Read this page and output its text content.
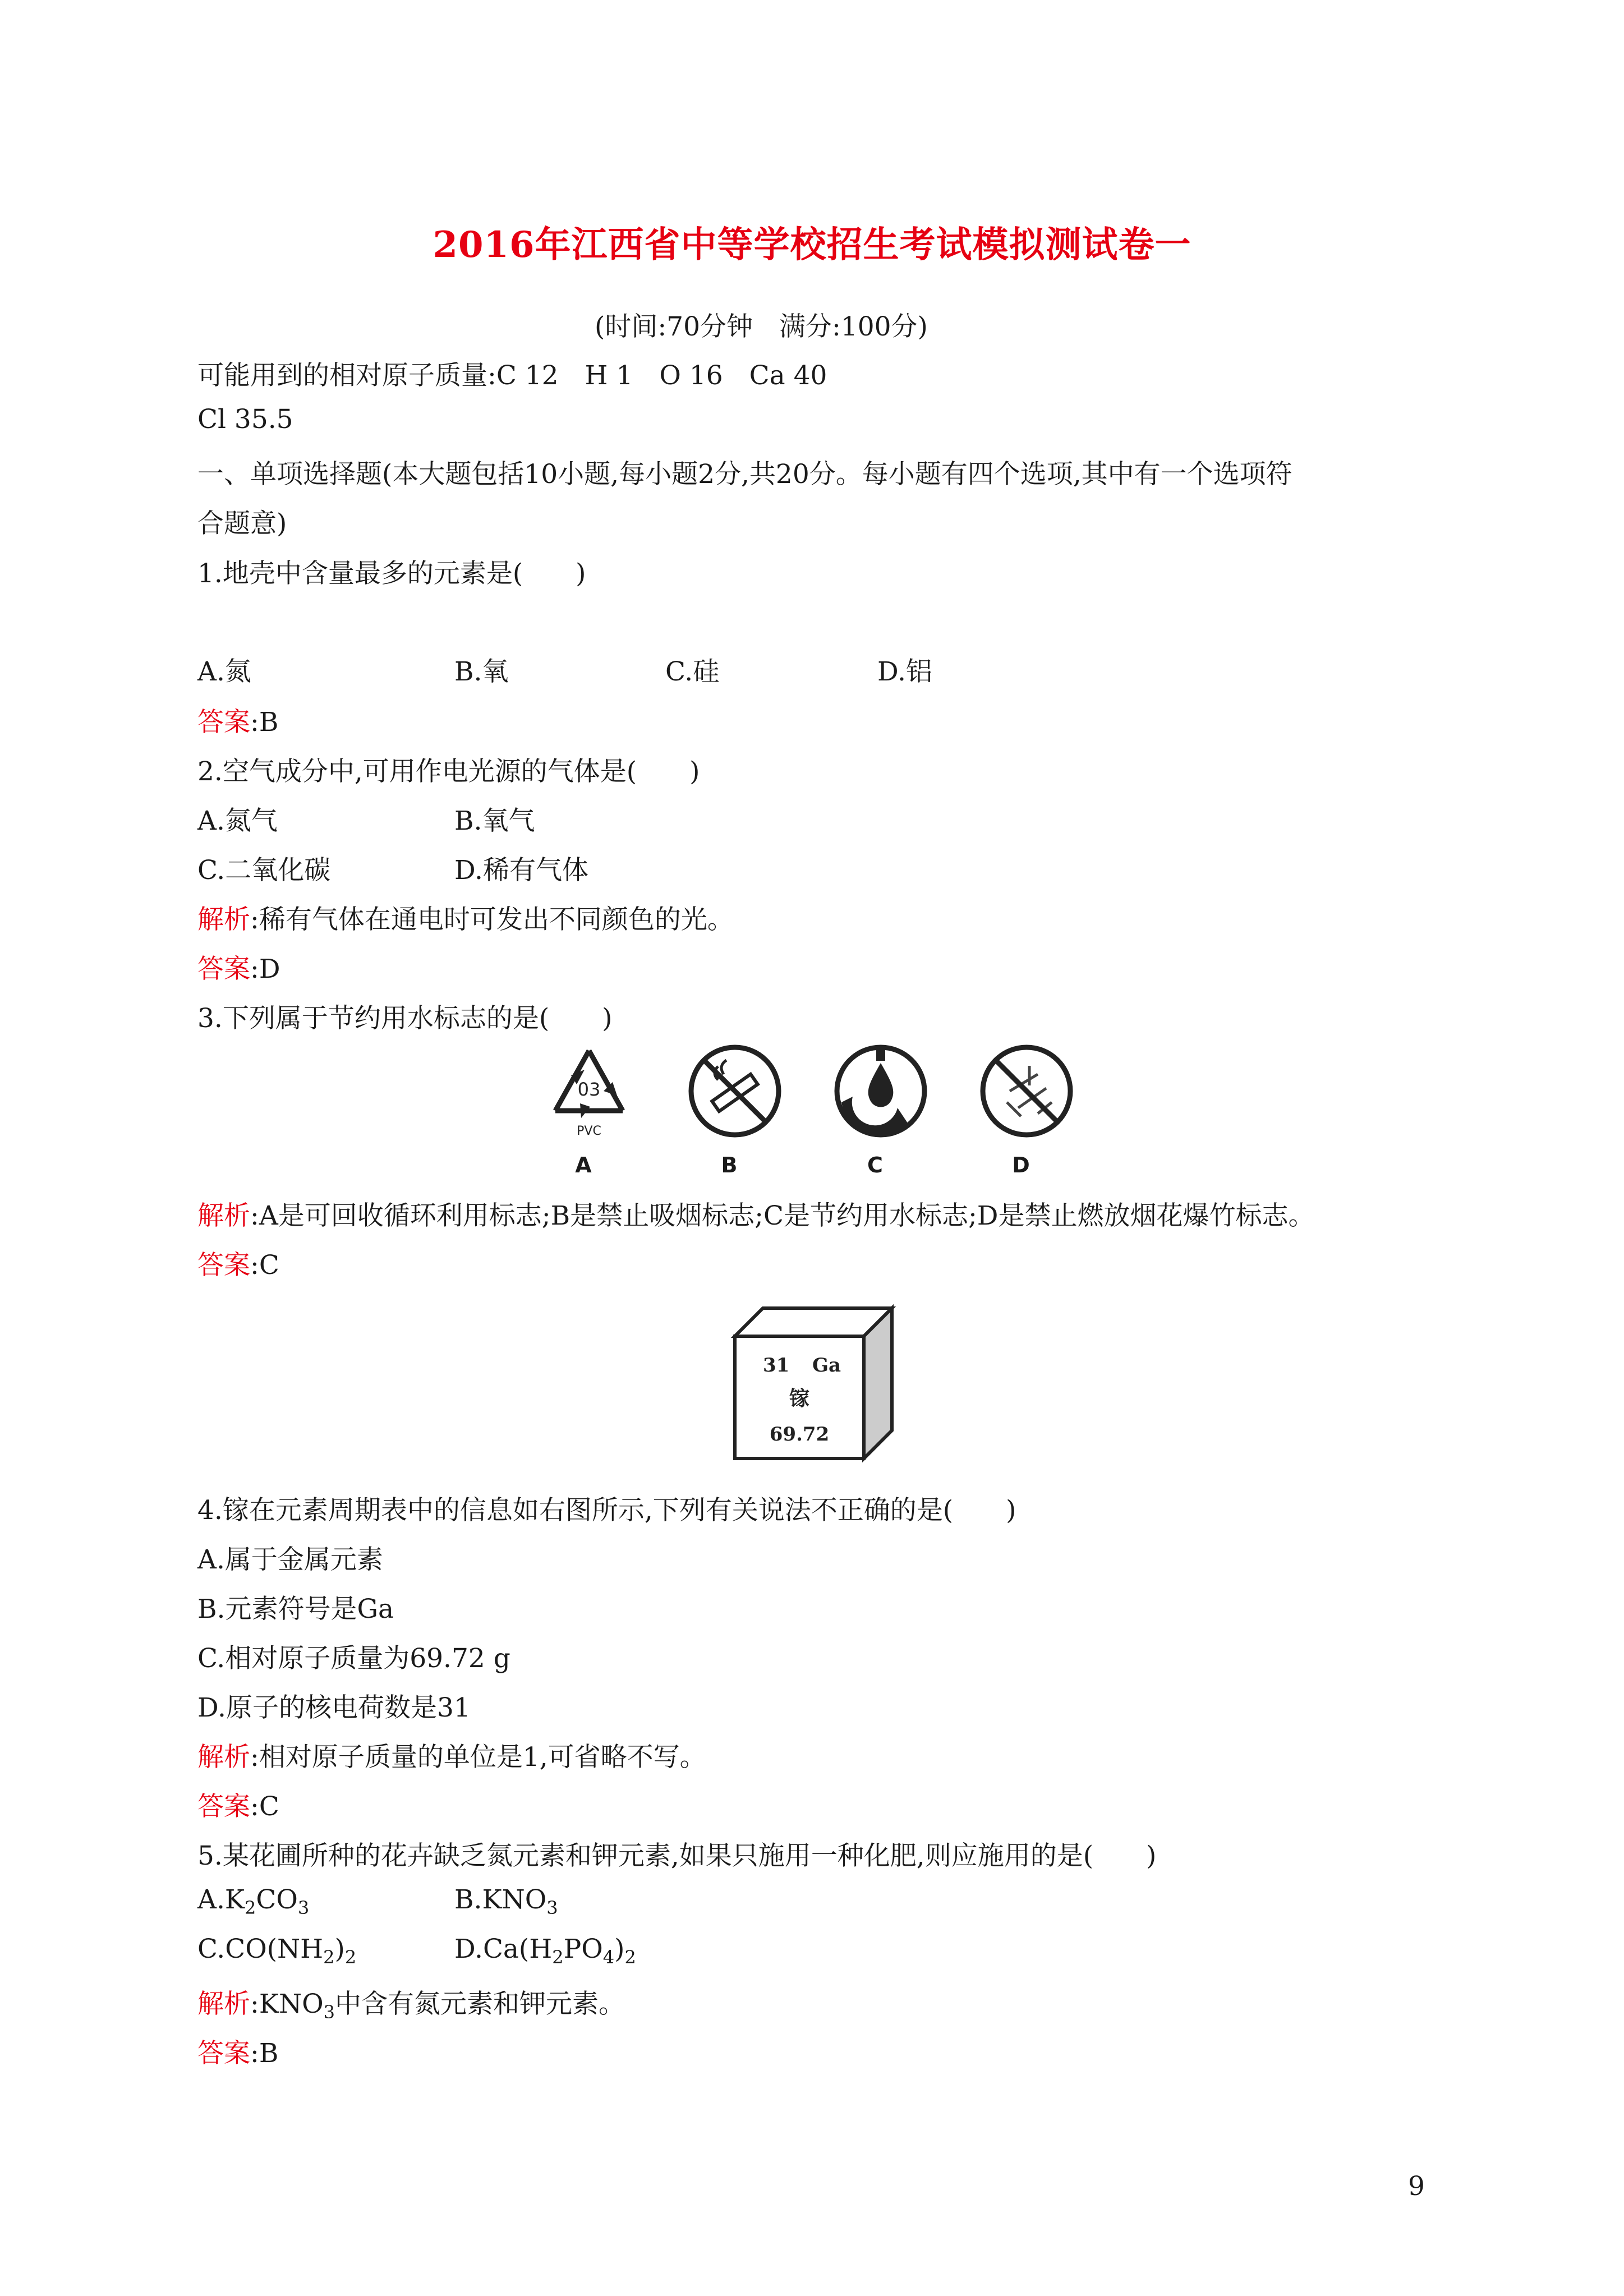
2016年江西省中等学校招生考试模拟测试卷一
(时间:70分钟　满分:100分)
可能用到的相对原子质量:C 12　H 1　O 16　Ca 40
Cl 35.5
一、单项选择题(本大题包括10小题,每小题2分,共20分。每小题有四个选项,其中有一个选项符
合题意)
1.地壳中含量最多的元素是(　　)
A.氮	B.氧	C.硅	D.铝
答案:B
2.空气成分中,可用作电光源的气体是(　　)
A.氮气	B.氧气
C.二氧化碳	D.稀有气体
解析:稀有气体在通电时可发出不同颜色的光。
答案:D
3.下列属于节约用水标志的是(　　)
03
PVC
A	B	C	D
解析:A是可回收循环利用标志;B是禁止吸烟标志;C是节约用水标志;D是禁止燃放烟花爆竹标志。
答案:C
31 Ga
镓
69.72
4.镓在元素周期表中的信息如右图所示,下列有关说法不正确的是(　　)
A.属于金属元素
B.元素符号是Ga
C.相对原子质量为69.72 g
D.原子的核电荷数是31
解析:相对原子质量的单位是1,可省略不写。
答案:C
5.某花圃所种的花卉缺乏氮元素和钾元素,如果只施用一种化肥,则应施用的是(　　)
$A.K_2CO_3$	$B.KNO_3$
$C.CO(NH_2)_2$	$D.Ca(H_2PO_4)_2$
解析$:KNO_3$中含有氮元素和钾元素。
答案:B
9
